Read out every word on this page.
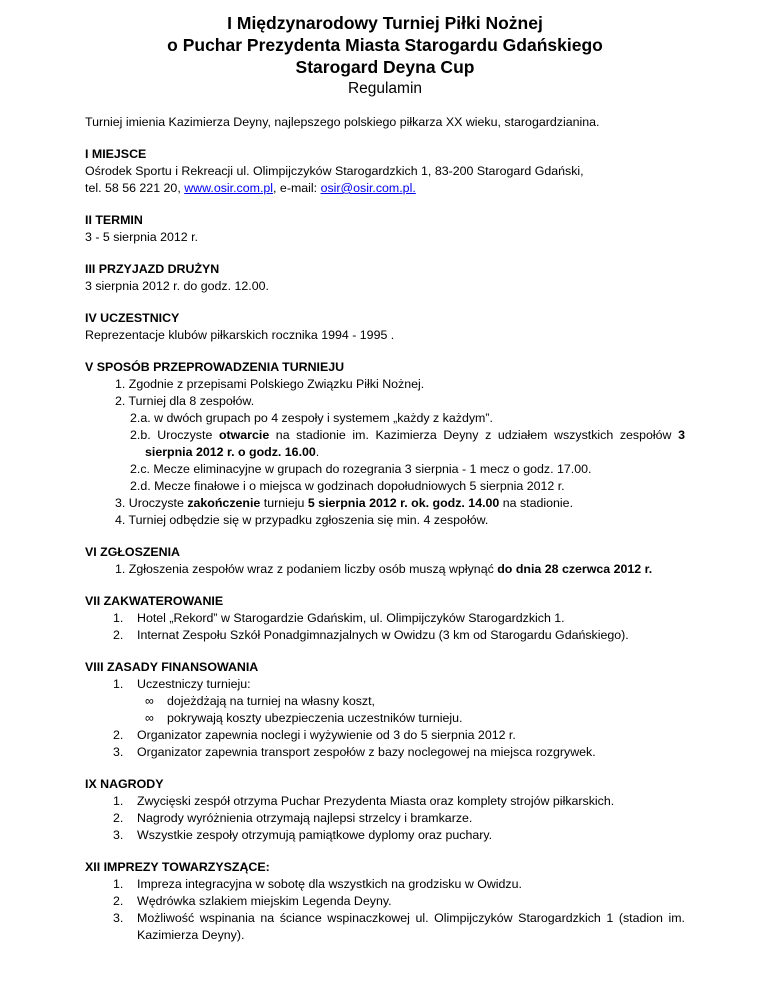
I Międzynarodowy Turniej Piłki Nożnej

o Puchar Prezydenta Miasta Starogardu Gdańskiego

Starogard Deyna Cup

Regulamin

Turniej imienia Kazimierza Deyny, najlepszego polskiego piłkarza XX wieku, starogardzianina.

I MIEJSCE

Ośrodek Sportu i Rekreacji ul. Olimpijczyków Starogardzkich 1, 83-200 Starogard Gdański,

tel. 58 56 221 20, www.osir.com.pl, e-mail: osir@osir.com.pl.

II TERMIN

3 - 5 sierpnia 2012 r.

III PRZYJAZD DRUŻYN

3 sierpnia 2012 r. do godz. 12.00.

IV UCZESTNICY

Reprezentacje klubów piłkarskich rocznika 1994 - 1995 .

V SPOSÓB PRZEPROWADZENIA TURNIEJU

1. Zgodnie z przepisami Polskiego Związku Piłki Nożnej.

2. Turniej dla 8 zespołów.

2.a. w dwóch grupach po 4 zespoły i systemem „każdy z każdym”.

2.b. Uroczyste otwarcie na stadionie im. Kazimierza Deyny z udziałem wszystkich zespołów 3 sierpnia 2012 r. o godz. 16.00.

2.c. Mecze eliminacyjne w grupach do rozegrania 3 sierpnia - 1 mecz o godz. 17.00.

2.d. Mecze finałowe i o miejsca w godzinach dopołudniowych 5 sierpnia 2012 r.

3. Uroczyste zakończenie turnieju 5 sierpnia 2012 r. ok. godz. 14.00 na stadionie.

4. Turniej odbędzie się w przypadku zgłoszenia się min. 4 zespołów.

VI ZGŁOSZENIA

1. Zgłoszenia zespołów wraz z podaniem liczby osób muszą wpłynąć do dnia 28 czerwca 2012 r.

VII ZAKWATEROWANIE

1.	Hotel „Rekord” w Starogardzie Gdańskim, ul. Olimpijczyków Starogardzkich 1.
2.	Internat Zespołu Szkół Ponadgimnazjalnych w Owidzu (3 km od Starogardu Gdańskiego).

VIII ZASADY FINANSOWANIA

1.	Uczestniczy turnieju:
∞	dojeżdżają na turniej na własny koszt,
∞	pokrywają koszty ubezpieczenia uczestników turnieju.
2.	Organizator zapewnia noclegi i wyżywienie od 3 do 5 sierpnia 2012 r.
3.	Organizator zapewnia transport zespołów z bazy noclegowej na miejsca rozgrywek.

IX NAGRODY

1.	Zwycięski zespół otrzyma Puchar Prezydenta Miasta oraz komplety strojów piłkarskich.
2.	Nagrody wyróżnienia otrzymają najlepsi strzelcy i bramkarze.
3.	Wszystkie zespoły otrzymują pamiątkowe dyplomy oraz puchary.

XII IMPREZY TOWARZYSZĄCE:

1.	Impreza integracyjna w sobotę dla wszystkich na grodzisku w Owidzu.
2.	Wędrówka szlakiem miejskim Legenda Deyny.
3.	Możliwość wspinania na ściance wspinaczkowej ul. Olimpijczyków Starogardzkich 1 (stadion im. Kazimierza Deyny).
